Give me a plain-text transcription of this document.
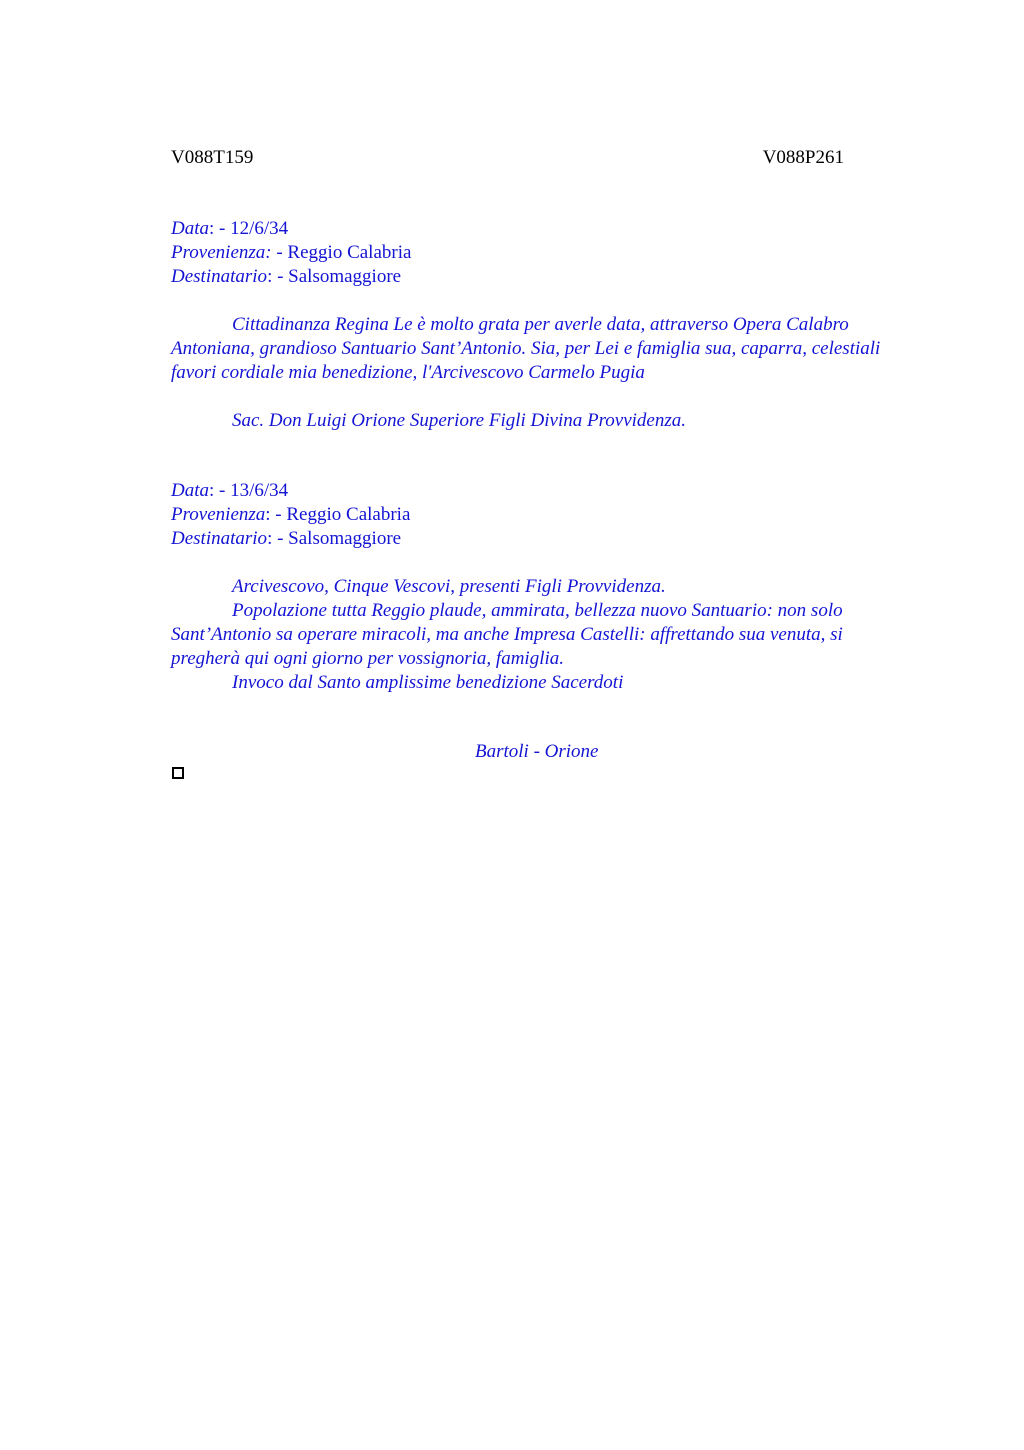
V088T159	V088P261
Data: - 12/6/34
Provenienza: - Reggio Calabria
Destinatario: - Salsomaggiore

Cittadinanza Regina Le è molto grata per averle data, attraverso Opera Calabro Antoniana, grandioso Santuario Sant’Antonio. Sia, per Lei e famiglia sua, caparra, celestiali favori cordiale mia benedizione, l'Arcivescovo Carmelo Pugia

Sac. Don Luigi Orione Superiore Figli Divina Provvidenza.

Data: - 13/6/34
Provenienza: - Reggio Calabria
Destinatario: - Salsomaggiore

Arcivescovo, Cinque Vescovi, presenti Figli Provvidenza.

Popolazione tutta Reggio plaude, ammirata, bellezza nuovo Santuario: non solo Sant’Antonio sa operare miracoli, ma anche Impresa Castelli: affrettando sua venuta, si pregherà qui ogni giorno per vossignoria, famiglia.

Invoco dal Santo amplissime benedizione Sacerdoti

Bartoli - Orione
